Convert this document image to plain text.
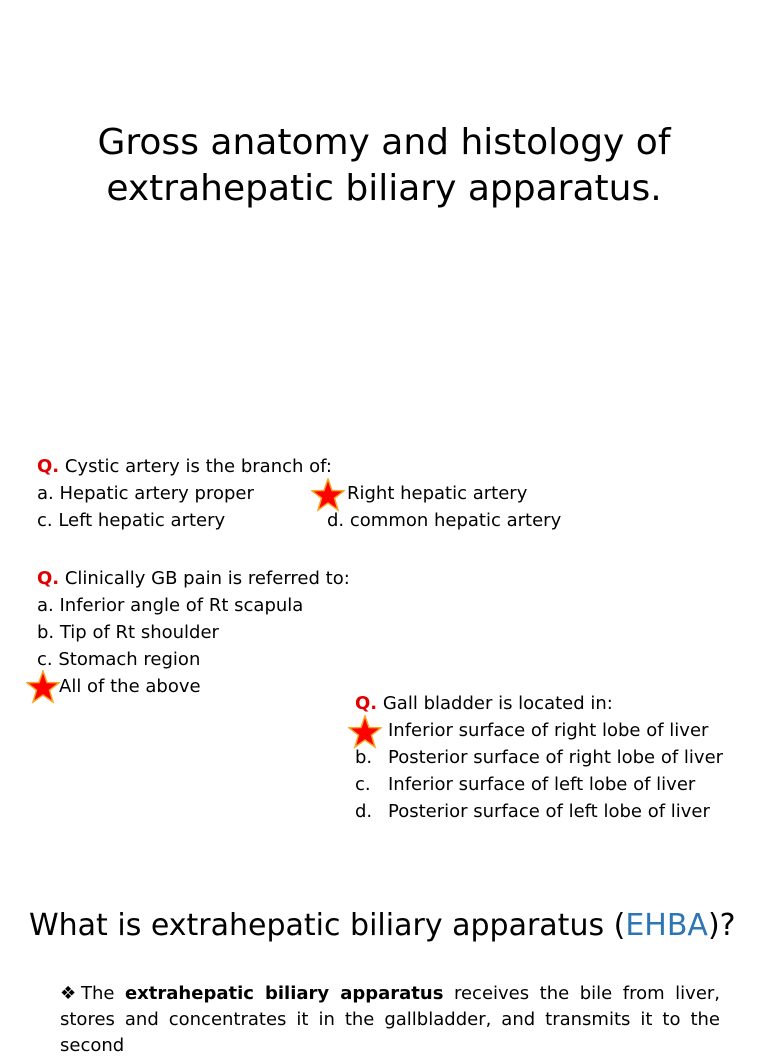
Gross anatomy and histology of
extrahepatic biliary apparatus.
Q. Cystic artery is the branch of:
a. Hepatic artery proper	Right hepatic artery
c. Left hepatic artery	d. common hepatic artery
Q. Clinically GB pain is referred to:
a. Inferior angle of Rt scapula
b. Tip of Rt shoulder
c. Stomach region
All of the above
Q. Gall bladder is located in:
Inferior surface of right lobe of liver
b. Posterior surface of right lobe of liver
c. Inferior surface of left lobe of liver
d. Posterior surface of left lobe of liver
What is extrahepatic biliary apparatus (EHBA)?
❖The extrahepatic biliary apparatus receives the bile from liver, stores and concentrates it in the gallbladder, and transmits it to the second
